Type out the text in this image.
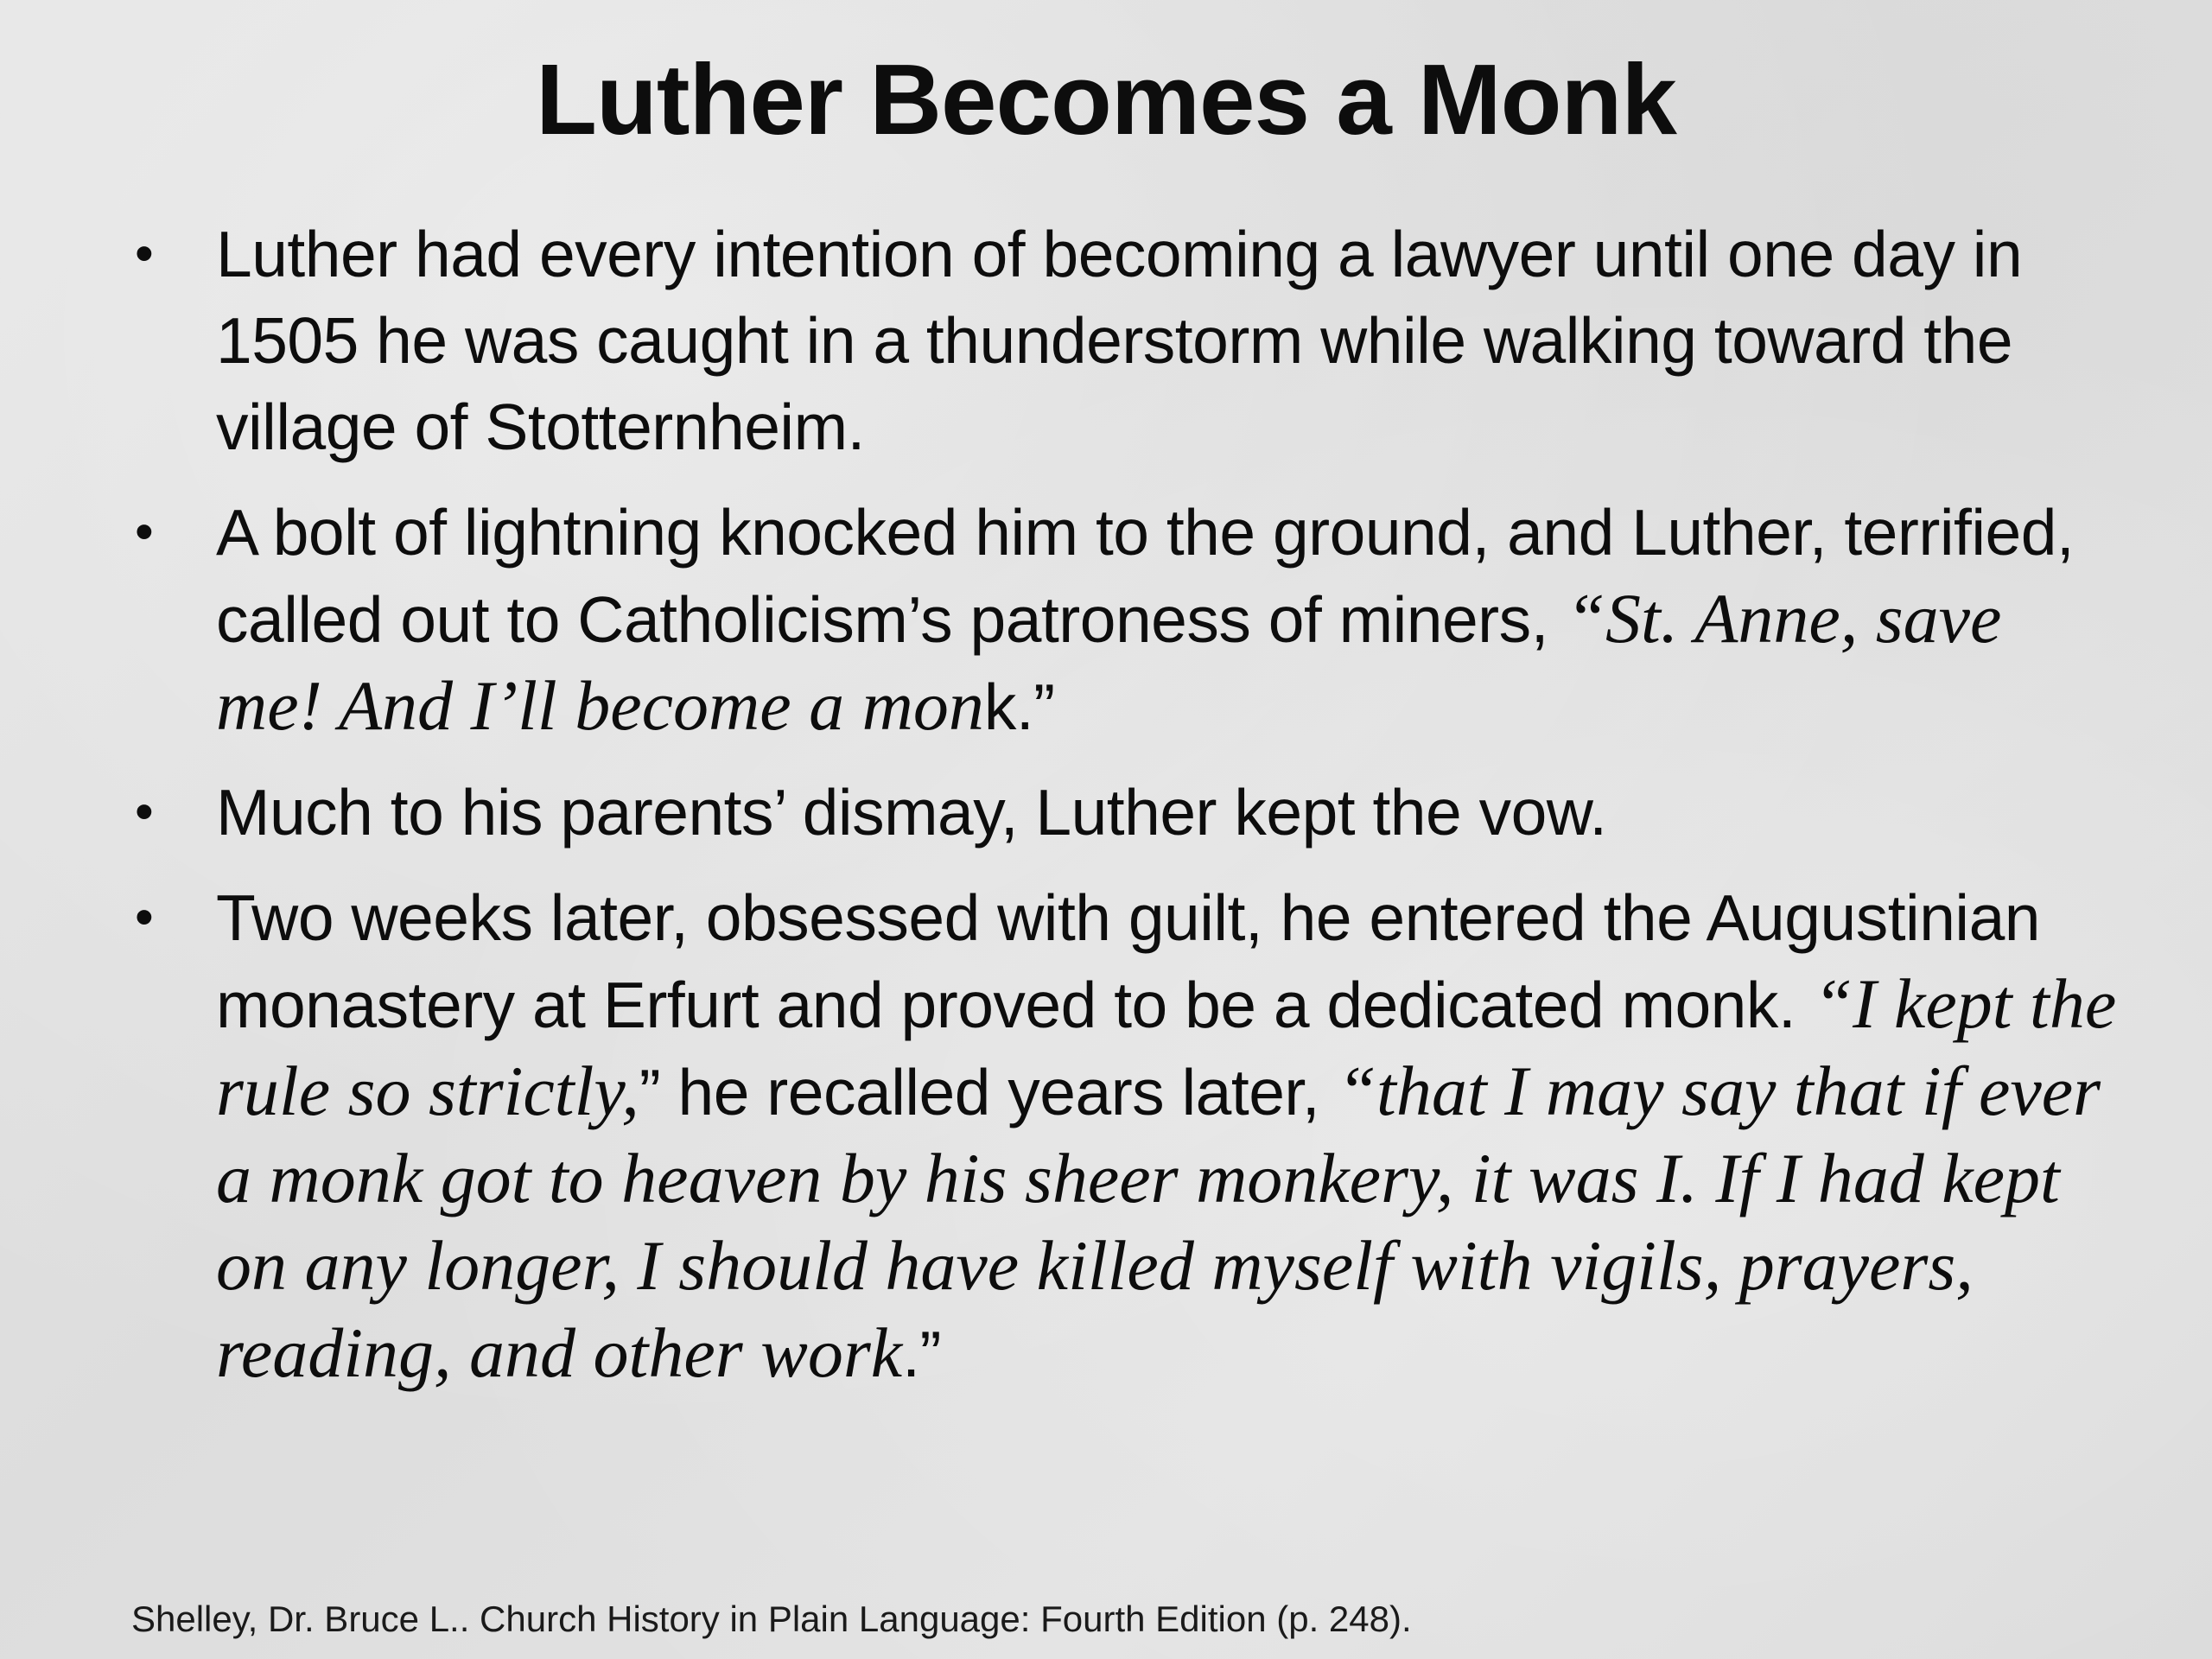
Luther Becomes a Monk
• Luther had every intention of becoming a lawyer until one day in 1505 he was caught in a thunderstorm while walking toward the village of Stotternheim.
• A bolt of lightning knocked him to the ground, and Luther, terrified, called out to Catholicism’s patroness of miners, “St. Anne, save me! And I’ll become a monk.”
• Much to his parents’ dismay, Luther kept the vow.
• Two weeks later, obsessed with guilt, he entered the Augustinian monastery at Erfurt and proved to be a dedicated monk. “I kept the rule so strictly,” he recalled years later, “that I may say that if ever a monk got to heaven by his sheer monkery, it was I. If I had kept on any longer, I should have killed myself with vigils, prayers, reading, and other work.”
Shelley, Dr. Bruce L.. Church History in Plain Language: Fourth Edition (p. 248).
